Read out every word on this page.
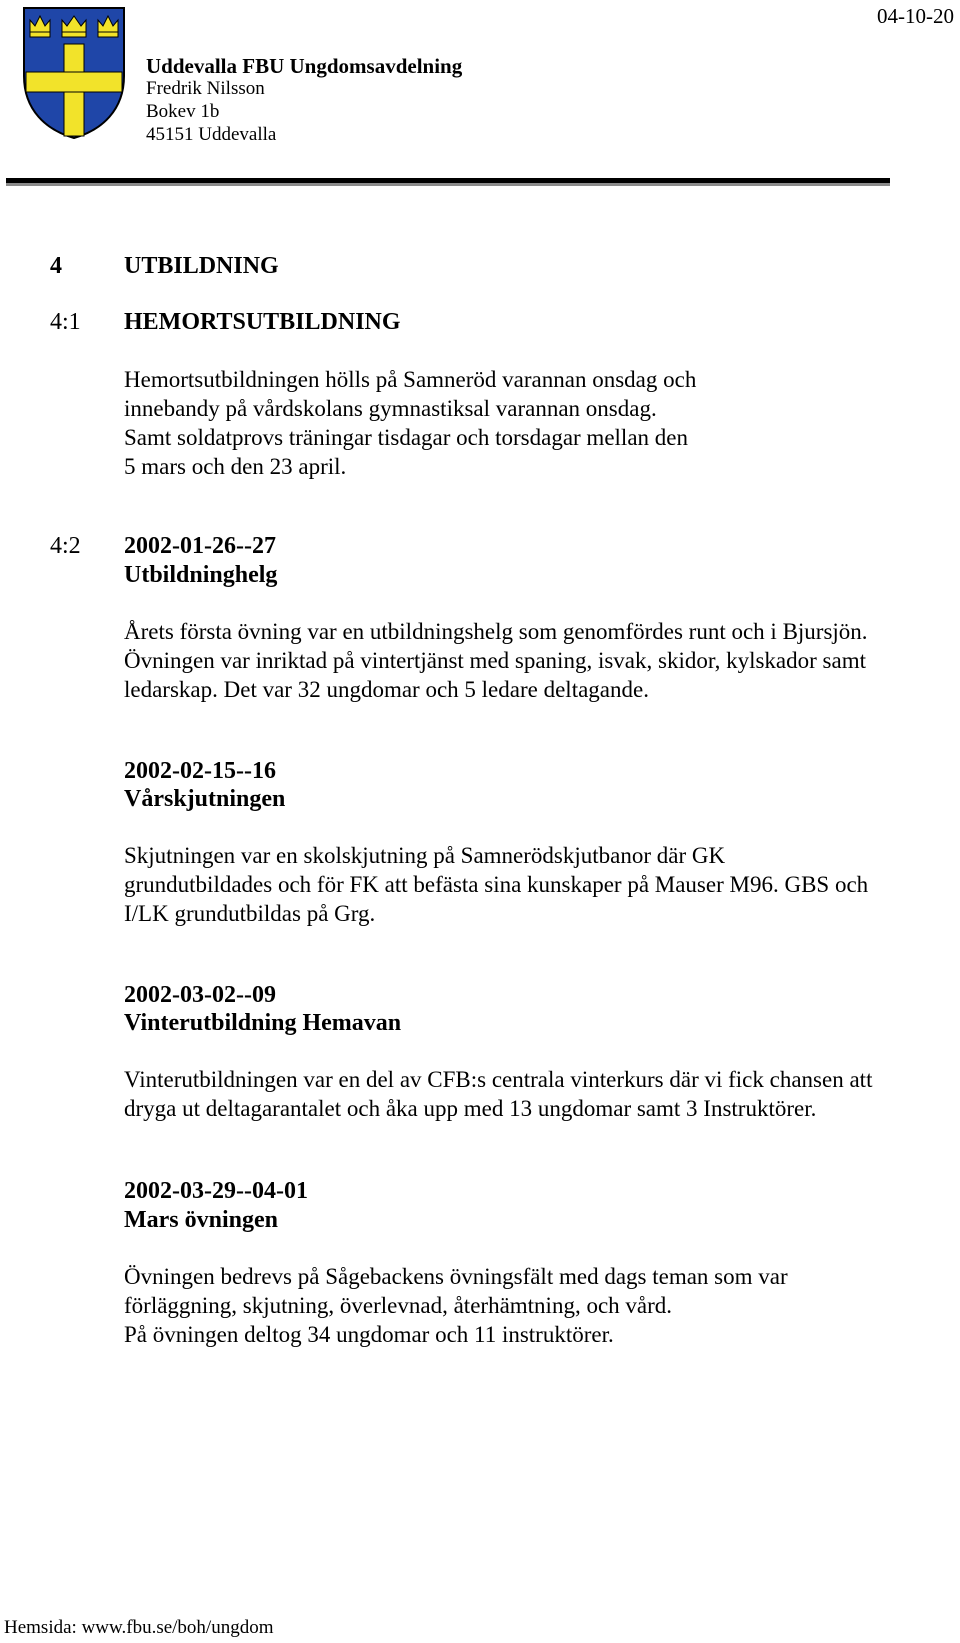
04-10-20
Uddevalla FBU Ungdomsavdelning
Fredrik Nilsson
Bokev 1b
45151 Uddevalla
4	UTBILDNING
4:1 HEMORTSUTBILDNING
Hemortsutbildningen hölls på Samneröd varannan onsdag och
innebandy på vårdskolans gymnastiksal varannan onsdag.
Samt soldatprovs träningar tisdagar och torsdagar mellan den
5 mars och den 23 april.
4:2 2002-01-26--27
Utbildninghelg
Årets första övning var en utbildningshelg som genomfördes runt och i Bjursjön.
Övningen var inriktad på vintertjänst med spaning, isvak, skidor, kylskador samt
ledarskap. Det var 32 ungdomar och 5 ledare deltagande.
2002-02-15--16
Vårskjutningen
Skjutningen var en skolskjutning på Samnerödskjutbanor där GK
grundutbildades och för FK att befästa sina kunskaper på Mauser M96. GBS och
I/LK grundutbildas på Grg.
2002-03-02--09
Vinterutbildning Hemavan
Vinterutbildningen var en del av CFB:s centrala vinterkurs där vi fick chansen att
dryga ut deltagarantalet och åka upp med 13 ungdomar samt 3 Instruktörer.
2002-03-29--04-01
Mars övningen
Övningen bedrevs på Sågebackens övningsfält med dags teman som var
förläggning, skjutning, överlevnad, återhämtning, och vård.
På övningen deltog 34 ungdomar och 11 instruktörer.
Hemsida: www.fbu.se/boh/ungdom
